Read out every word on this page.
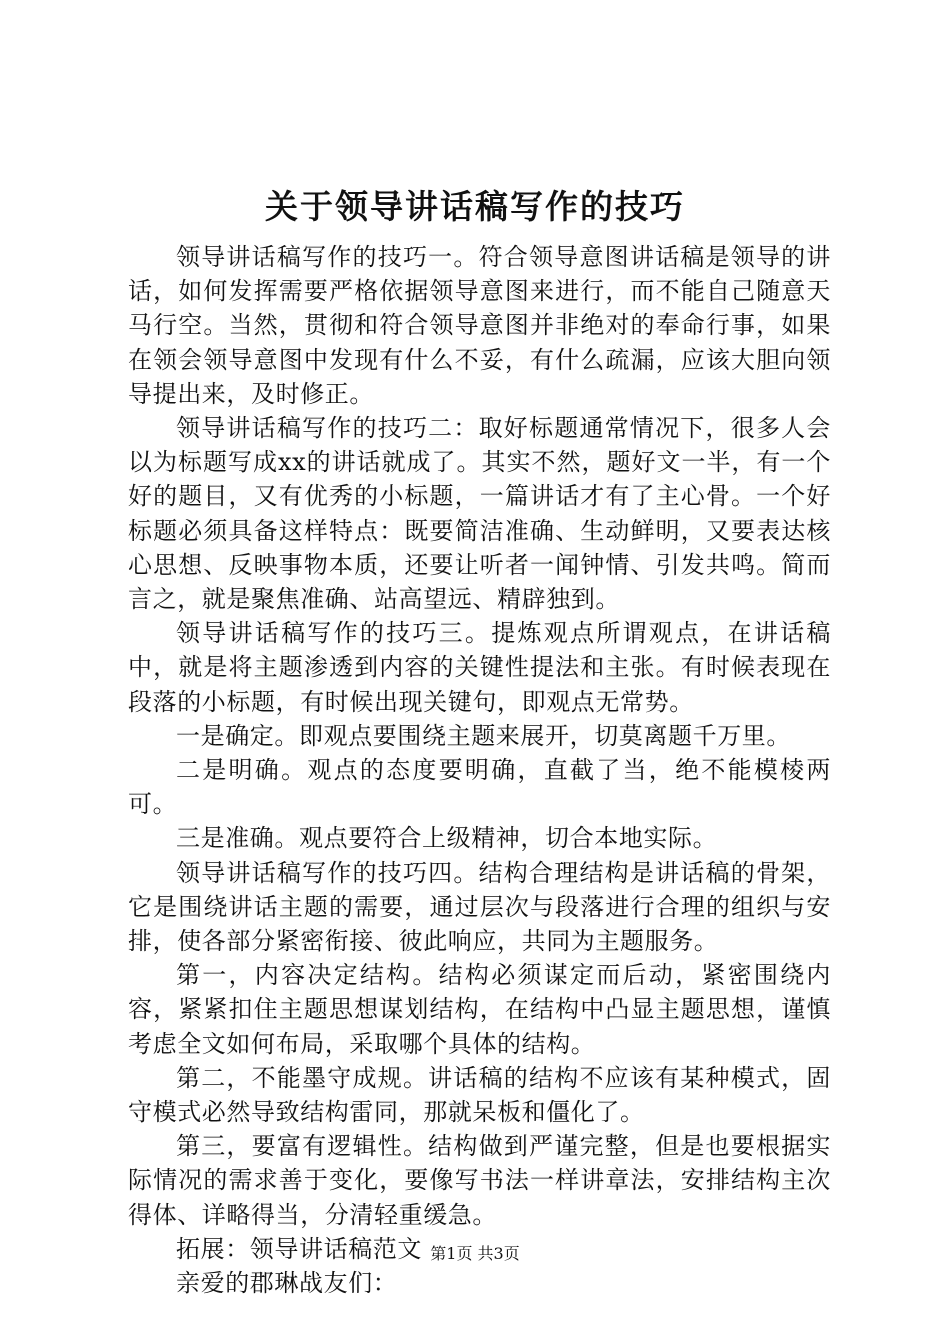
关于领导讲话稿写作的技巧

领导讲话稿写作的技巧一。符合领导意图讲话稿是领导的讲话，如何发挥需要严格依据领导意图来进行，而不能自己随意天马行空。当然，贯彻和符合领导意图并非绝对的奉命行事，如果在领会领导意图中发现有什么不妥，有什么疏漏，应该大胆向领导提出来，及时修正。

领导讲话稿写作的技巧二：取好标题通常情况下，很多人会以为标题写成xx的讲话就成了。其实不然，题好文一半，有一个好的题目，又有优秀的小标题，一篇讲话才有了主心骨。一个好标题必须具备这样特点：既要简洁准确、生动鲜明，又要表达核心思想、反映事物本质，还要让听者一闻钟情、引发共鸣。简而言之，就是聚焦准确、站高望远、精辟独到。

领导讲话稿写作的技巧三。提炼观点所谓观点，在讲话稿中，就是将主题渗透到内容的关键性提法和主张。有时候表现在段落的小标题，有时候出现关键句，即观点无常势。

一是确定。即观点要围绕主题来展开，切莫离题千万里。

二是明确。观点的态度要明确，直截了当，绝不能模棱两可。

三是准确。观点要符合上级精神，切合本地实际。

领导讲话稿写作的技巧四。结构合理结构是讲话稿的骨架，它是围绕讲话主题的需要，通过层次与段落进行合理的组织与安排，使各部分紧密衔接、彼此响应，共同为主题服务。

第一，内容决定结构。结构必须谋定而后动，紧密围绕内容，紧紧扣住主题思想谋划结构，在结构中凸显主题思想，谨慎考虑全文如何布局，采取哪个具体的结构。

第二，不能墨守成规。讲话稿的结构不应该有某种模式，固守模式必然导致结构雷同，那就呆板和僵化了。

第三，要富有逻辑性。结构做到严谨完整，但是也要根据实际情况的需求善于变化，要像写书法一样讲章法，安排结构主次得体、详略得当，分清轻重缓急。

拓展：领导讲话稿范文

亲爱的郡琳战友们：

第1页 共3页
